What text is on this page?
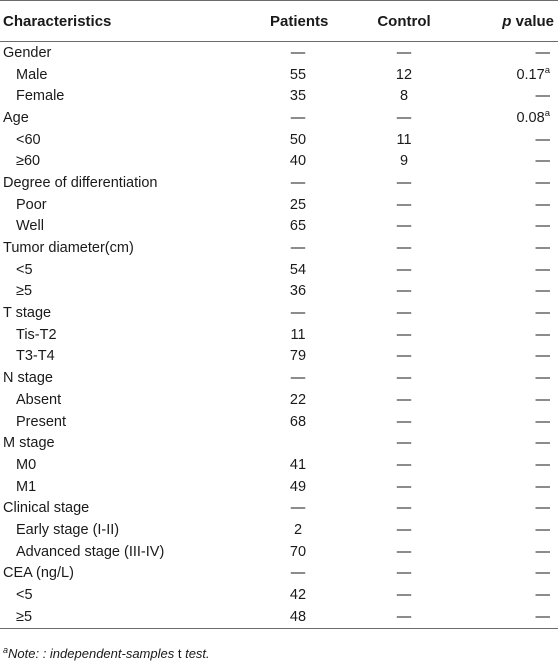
Characteristics	Patients	Control	p value
Gender	—	—	—
Male	55	12	0.17$^a$
Female	35	8	—
Age	—	—	0.08$^a$
<60	50	11	—
≥60	40	9	—
Degree of differentiation	—	—	—
Poor	25	—	—
Well	65	—	—
Tumor diameter(cm)	—	—	—
<5	54	—	—
≥5	36	—	—
T stage	—	—	—
Tis-T2	11	—	—
T3-T4	79	—	—
N stage	—	—	—
Absent	22	—	—
Present	68	—	—
M stage		—	—
M0	41	—	—
M1	49	—	—
Clinical stage	—	—	—
Early stage (I-II)	2	—	—
Advanced stage (III-IV)	70	—	—
CEA (ng/L)	—	—	—
<5	42	—	—
≥5	48	—	—
$^a$Note: : independent-samples t test.
